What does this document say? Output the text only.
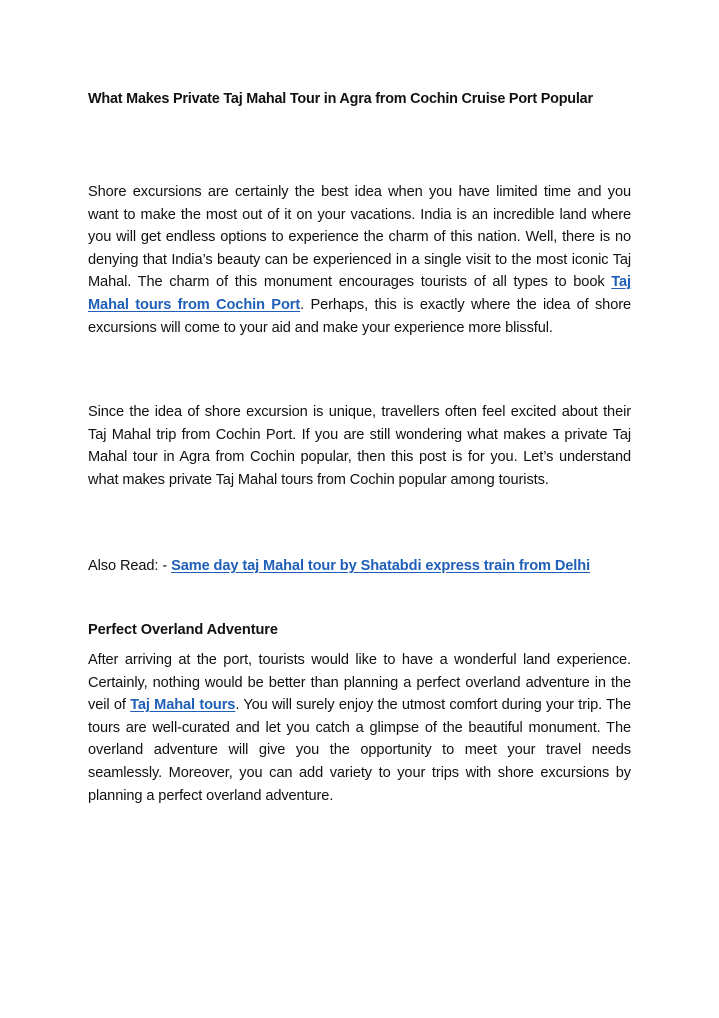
What Makes Private Taj Mahal Tour in Agra from Cochin Cruise Port Popular

Shore excursions are certainly the best idea when you have limited time and you want to make the most out of it on your vacations. India is an incredible land where you will get endless options to experience the charm of this nation. Well, there is no denying that India’s beauty can be experienced in a single visit to the most iconic Taj Mahal. The charm of this monument encourages tourists of all types to book Taj Mahal tours from Cochin Port. Perhaps, this is exactly where the idea of shore excursions will come to your aid and make your experience more blissful.

Since the idea of shore excursion is unique, travellers often feel excited about their Taj Mahal trip from Cochin Port. If you are still wondering what makes a private Taj Mahal tour in Agra from Cochin popular, then this post is for you. Let’s understand what makes private Taj Mahal tours from Cochin popular among tourists.

Also Read: - Same day taj Mahal tour by Shatabdi express train from Delhi

Perfect Overland Adventure

After arriving at the port, tourists would like to have a wonderful land experience. Certainly, nothing would be better than planning a perfect overland adventure in the veil of Taj Mahal tours. You will surely enjoy the utmost comfort during your trip. The tours are well-curated and let you catch a glimpse of the beautiful monument. The overland adventure will give you the opportunity to meet your travel needs seamlessly. Moreover, you can add variety to your trips with shore excursions by planning a perfect overland adventure.
